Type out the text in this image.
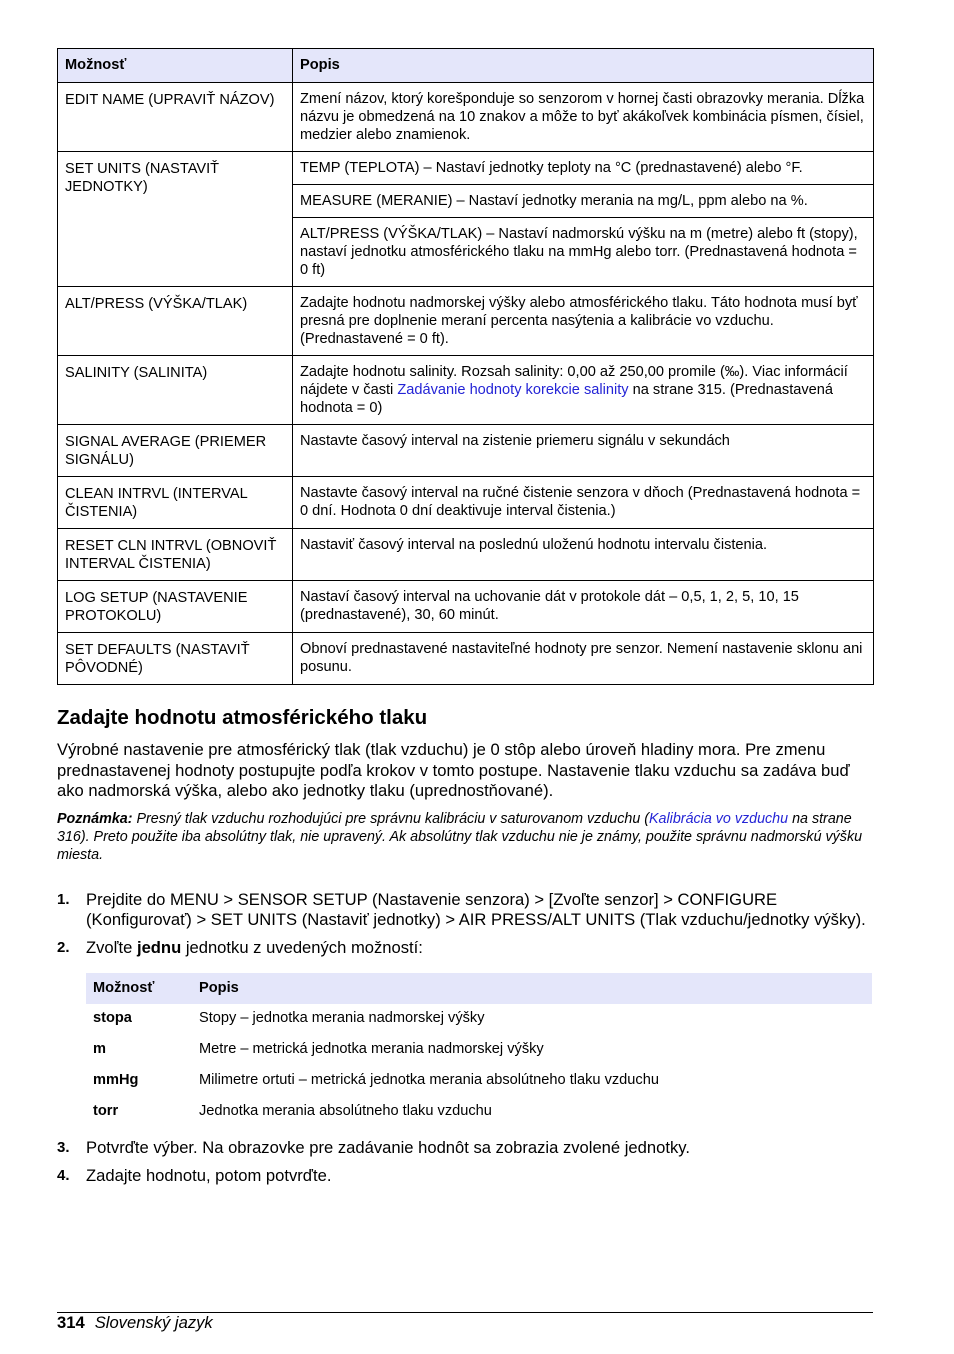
Možnosť	Popis
EDIT NAME (UPRAVIŤ NÁZOV)	Zmení názov, ktorý korešponduje so senzorom v hornej časti obrazovky merania. Dĺžka názvu je obmedzená na 10 znakov a môže to byť akákoľvek kombinácia písmen, čísiel, medzier alebo znamienok.
SET UNITS (NASTAVIŤ JEDNOTKY)	TEMP (TEPLOTA) – Nastaví jednotky teploty na °C (prednastavené) alebo °F.
	MEASURE (MERANIE) – Nastaví jednotky merania na mg/L, ppm alebo na %.
	ALT/PRESS (VÝŠKA/TLAK) – Nastaví nadmorskú výšku na m (metre) alebo ft (stopy), nastaví jednotku atmosférického tlaku na mmHg alebo torr. (Prednastavená hodnota = 0 ft)
ALT/PRESS (VÝŠKA/TLAK)	Zadajte hodnotu nadmorskej výšky alebo atmosférického tlaku. Táto hodnota musí byť presná pre doplnenie meraní percenta nasýtenia a kalibrácie vo vzduchu. (Prednastavené = 0 ft).
SALINITY (SALINITA)	Zadajte hodnotu salinity. Rozsah salinity: 0,00 až 250,00 promile (‰). Viac informácií nájdete v časti Zadávanie hodnoty korekcie salinity na strane 315. (Prednastavená hodnota = 0)
SIGNAL AVERAGE (PRIEMER SIGNÁLU)	Nastavte časový interval na zistenie priemeru signálu v sekundách
CLEAN INTRVL (INTERVAL ČISTENIA)	Nastavte časový interval na ručné čistenie senzora v dňoch (Prednastavená hodnota = 0 dní. Hodnota 0 dní deaktivuje interval čistenia.)
RESET CLN INTRVL (OBNOVIŤ INTERVAL ČISTENIA)	Nastaviť časový interval na poslednú uloženú hodnotu intervalu čistenia.
LOG SETUP (NASTAVENIE PROTOKOLU)	Nastaví časový interval na uchovanie dát v protokole dát – 0,5, 1, 2, 5, 10, 15 (prednastavené), 30, 60 minút.
SET DEFAULTS (NASTAVIŤ PÔVODNÉ)	Obnoví prednastavené nastaviteľné hodnoty pre senzor. Nemení nastavenie sklonu ani posunu.
Zadajte hodnotu atmosférického tlaku

Výrobné nastavenie pre atmosférický tlak (tlak vzduchu) je 0 stôp alebo úroveň hladiny mora. Pre zmenu prednastavenej hodnoty postupujte podľa krokov v tomto postupe. Nastavenie tlaku vzduchu sa zadáva buď ako nadmorská výška, alebo ako jednotky tlaku (uprednostňované).

Poznámka: Presný tlak vzduchu rozhodujúci pre správnu kalibráciu v saturovanom vzduchu (Kalibrácia vo vzduchu na strane 316). Preto použite iba absolútny tlak, nie upravený. Ak absolútny tlak vzduchu nie je známy, použite správnu nadmorskú výšku miesta.

1. Prejdite do MENU > SENSOR SETUP (Nastavenie senzora) > [Zvoľte senzor] > CONFIGURE (Konfigurovať) > SET UNITS (Nastaviť jednotky) > AIR PRESS/ALT UNITS (Tlak vzduchu/jednotky výšky).
2. Zvoľte jednu jednotku z uvedených možností:
Možnosť	Popis
stopa	Stopy – jednotka merania nadmorskej výšky
m	Metre – metrická jednotka merania nadmorskej výšky
mmHg	Milimetre ortuti – metrická jednotka merania absolútneho tlaku vzduchu
torr	Jednotka merania absolútneho tlaku vzduchu
3. Potvrďte výber. Na obrazovke pre zadávanie hodnôt sa zobrazia zvolené jednotky.
4. Zadajte hodnotu, potom potvrďte.
314 Slovenský jazyk
